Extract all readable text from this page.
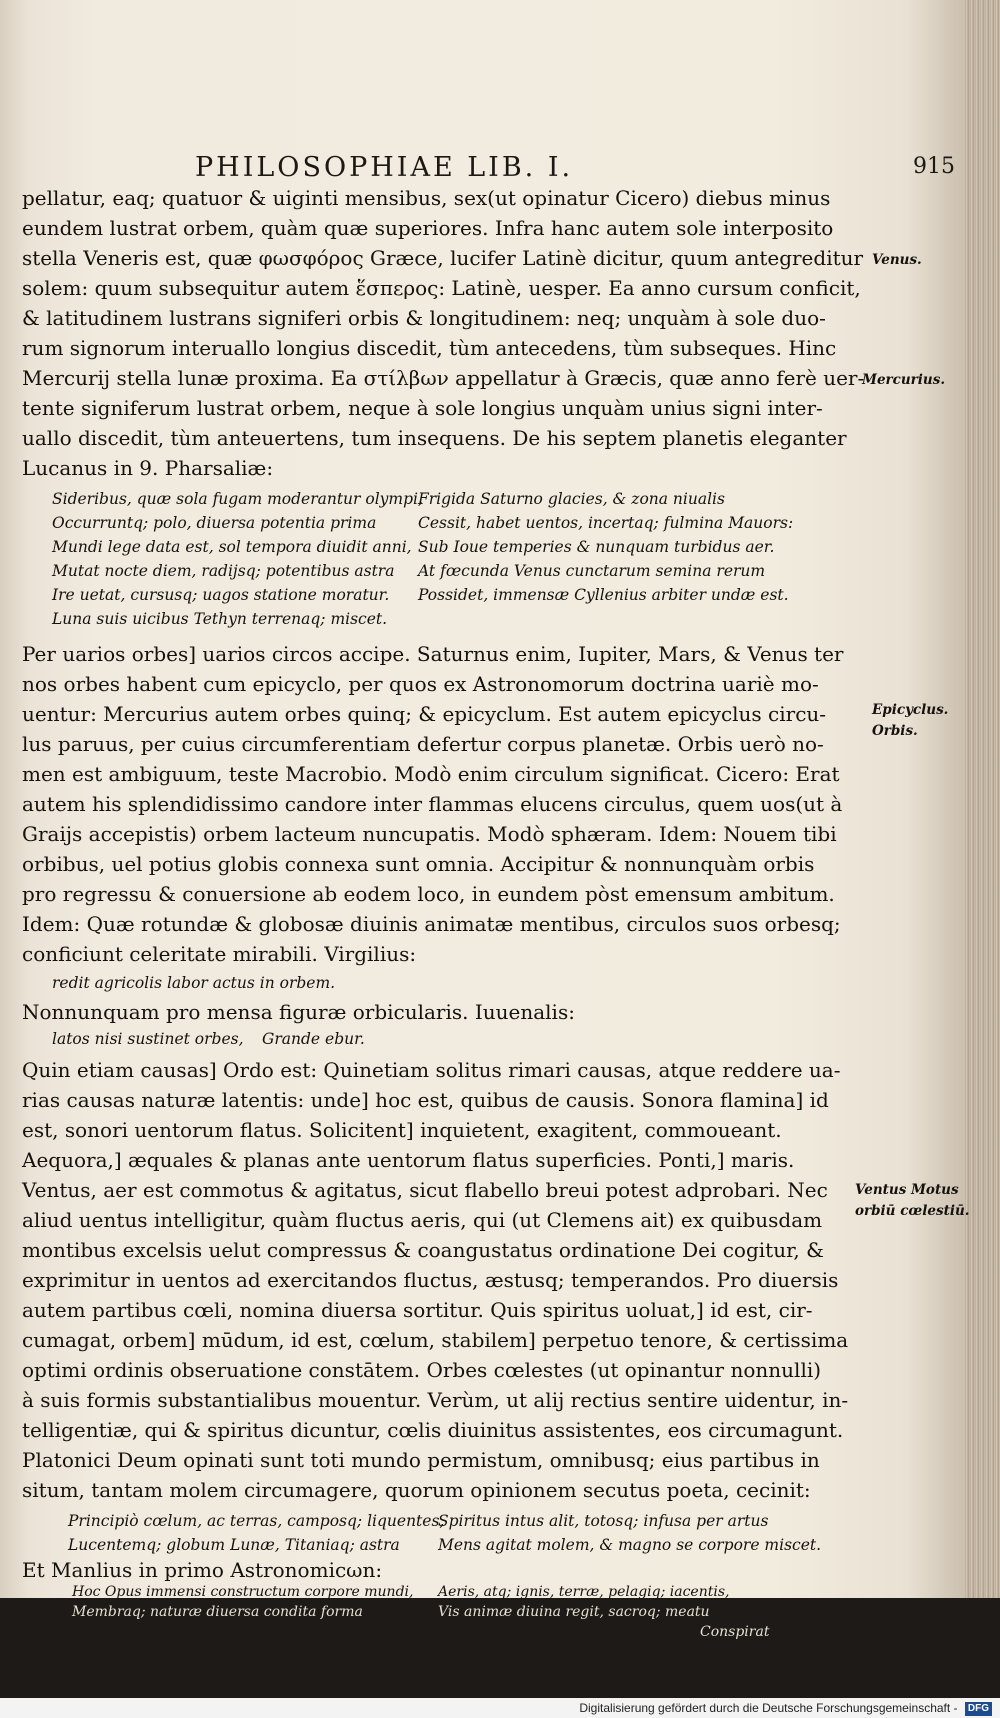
PHILOSOPHIAE LIB. I.	915
pellatur, eaq; quatuor & uiginti mensibus, sex(ut opinatur Cicero) diebus minus
eundem lustrat orbem, quàm quæ superiores. Infra hanc autem sole interposito
stella Veneris est, quæ φωσφόρος Græce, lucifer Latinè dicitur, quum antegreditur
solem: quum subsequitur autem ἕσπερος: Latinè, uesper. Ea anno cursum conficit,
& latitudinem lustrans signiferi orbis & longitudinem: neq; unquàm à sole duo-
rum signorum interuallo longius discedit, tùm antecedens, tùm subseques. Hinc
Mercurij stella lunæ proxima. Ea στίλβων appellatur à Græcis, quæ anno ferè uer-
tente signiferum lustrat orbem, neque à sole longius unquàm unius signi inter-
uallo discedit, tùm anteuertens, tum insequens. De his septem planetis eleganter
Lucanus in 9. Pharsaliæ:
Sideribus, quæ sola fugam moderantur olympi,
Occurruntq; polo, diuersa potentia prima
Mundi lege data est, sol tempora diuidit anni,
Mutat nocte diem, radijsq; potentibus astra
Ire uetat, cursusq; uagos statione moratur.
Luna suis uicibus Tethyn terrenaq; miscet.
Frigida Saturno glacies, & zona niualis
Cessit, habet uentos, incertaq; fulmina Mauors:
Sub Ioue temperies & nunquam turbidus aer.
At fœcunda Venus cunctarum semina rerum
Possidet, immensæ Cyllenius arbiter undæ est.
Per uarios orbes] uarios circos accipe. Saturnus enim, Iupiter, Mars, & Venus ter
nos orbes habent cum epicyclo, per quos ex Astronomorum doctrina uariè mo-
uentur: Mercurius autem orbes quinq; & epicyclum. Est autem epicyclus circu-
lus paruus, per cuius circumferentiam defertur corpus planetæ. Orbis uerò no-
men est ambiguum, teste Macrobio. Modò enim circulum significat. Cicero: Erat
autem his splendidissimo candore inter flammas elucens circulus, quem uos(ut à
Graijs accepistis) orbem lacteum nuncupatis. Modò sphæram. Idem: Nouem tibi
orbibus, uel potius globis connexa sunt omnia. Accipitur & nonnunquàm orbis
pro regressu & conuersione ab eodem loco, in eundem pòst emensum ambitum.
Idem: Quæ rotundæ & globosæ diuinis animatæ mentibus, circulos suos orbesq;
conficiunt celeritate mirabili. Virgilius:
redit agricolis labor actus in orbem.
Nonnunquam pro mensa figuræ orbicularis. Iuuenalis:
latos nisi sustinet orbes, Grande ebur.
Quin etiam causas] Ordo est: Quinetiam solitus rimari causas, atque reddere ua-
rias causas naturæ latentis: unde] hoc est, quibus de causis. Sonora flamina] id
est, sonori uentorum flatus. Solicitent] inquietent, exagitent, commoueant.
Aequora,] æquales & planas ante uentorum flatus superficies. Ponti,] maris.
Ventus, aer est commotus & agitatus, sicut flabello breui potest adprobari. Nec
aliud uentus intelligitur, quàm fluctus aeris, qui (ut Clemens ait) ex quibusdam
montibus excelsis uelut compressus & coangustatus ordinatione Dei cogitur, &
exprimitur in uentos ad exercitandos fluctus, æstusq; temperandos. Pro diuersis
autem partibus cœli, nomina diuersa sortitur. Quis spiritus uoluat,] id est, cir-
cumagat, orbem] mūdum, id est, cœlum, stabilem] perpetuo tenore, & certissima
optimi ordinis obseruatione constātem. Orbes cœlestes (ut opinantur nonnulli)
à suis formis substantialibus mouentur. Verùm, ut alij rectius sentire uidentur, in-
telligentiæ, qui & spiritus dicuntur, cœlis diuinitus assistentes, eos circumagunt.
Platonici Deum opinati sunt toti mundo permistum, omnibusq; eius partibus in
situm, tantam molem circumagere, quorum opinionem secutus poeta, cecinit:
Principiò cœlum, ac terras, camposq; liquentes,
Lucentemq; globum Lunæ, Titaniaq; astra
Spiritus intus alit, totosq; infusa per artus
Mens agitat molem, & magno se corpore miscet.
Et Manlius in primo Astronomicωn:
Hoc Opus immensi constructum corpore mundi, Aeris, atq; ignis, terræ, pelagiq; iacentis,
Membraq; naturæ diuersa condita forma	Vis animæ diuina regit, sacroq; meatu
Conspirat
Venus.
Mercurius.
Epicyclus.
Orbis.
Ventus Motus
orbiū cœlestiū.
Digitalisierung gefördert durch die Deutsche Forschungsgemeinschaft - DFG
